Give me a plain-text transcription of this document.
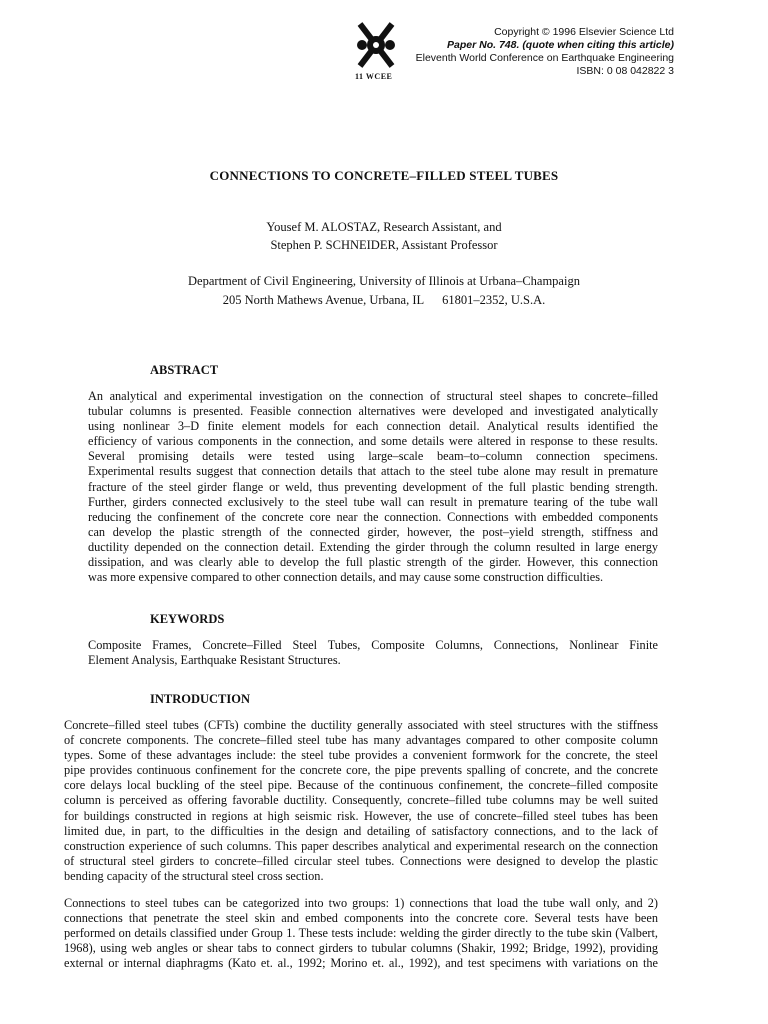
11 WCEE
Copyright © 1996 Elsevier Science Ltd
Paper No. 748. (quote when citing this article)
Eleventh World Conference on Earthquake Engineering
ISBN: 0 08 042822 3
CONNECTIONS TO CONCRETE–FILLED STEEL TUBES
Yousef M. ALOSTAZ, Research Assistant, and
Stephen P. SCHNEIDER, Assistant Professor
Department of Civil Engineering, University of Illinois at Urbana–Champaign
205 North Mathews Avenue, Urbana, IL 61801–2352, U.S.A.
ABSTRACT
An analytical and experimental investigation on the connection of structural steel shapes to concrete–filled
tubular columns is presented. Feasible connection alternatives were developed and investigated analytically
using nonlinear 3–D finite element models for each connection detail. Analytical results identified the
efficiency of various components in the connection, and some details were altered in response to these results.
Several promising details were tested using large–scale beam–to–column connection specimens.
Experimental results suggest that connection details that attach to the steel tube alone may result in premature
fracture of the steel girder flange or weld, thus preventing development of the full plastic bending strength.
Further, girders connected exclusively to the steel tube wall can result in premature tearing of the tube wall
reducing the confinement of the concrete core near the connection. Connections with embedded components
can develop the plastic strength of the connected girder, however, the post–yield strength, stiffness and
ductility depended on the connection detail. Extending the girder through the column resulted in large energy
dissipation, and was clearly able to develop the full plastic strength of the girder. However, this connection
was more expensive compared to other connection details, and may cause some construction difficulties.
KEYWORDS
Composite Frames, Concrete–Filled Steel Tubes, Composite Columns, Connections, Nonlinear Finite
Element Analysis, Earthquake Resistant Structures.
INTRODUCTION
Concrete–filled steel tubes (CFTs) combine the ductility generally associated with steel structures with the stiffness
of concrete components. The concrete–filled steel tube has many advantages compared to other composite column
types. Some of these advantages include: the steel tube provides a convenient formwork for the concrete, the steel
pipe provides continuous confinement for the concrete core, the pipe prevents spalling of concrete, and the concrete
core delays local buckling of the steel pipe. Because of the continuous confinement, the concrete–filled composite
column is perceived as offering favorable ductility. Consequently, concrete–filled tube columns may be well suited
for buildings constructed in regions at high seismic risk. However, the use of concrete–filled steel tubes has been
limited due, in part, to the difficulties in the design and detailing of satisfactory connections, and to the lack of
construction experience of such columns. This paper describes analytical and experimental research on the connection
of structural steel girders to concrete–filled circular steel tubes. Connections were designed to develop the plastic
bending capacity of the structural steel cross section.
Connections to steel tubes can be categorized into two groups: 1) connections that load the tube wall only, and 2)
connections that penetrate the steel skin and embed components into the concrete core. Several tests have been
performed on details classified under Group 1. These tests include: welding the girder directly to the tube skin (Valbert,
1968), using web angles or shear tabs to connect girders to tubular columns (Shakir, 1992; Bridge, 1992), providing
external or internal diaphragms (Kato et. al., 1992; Morino et. al., 1992), and test specimens with variations on the
